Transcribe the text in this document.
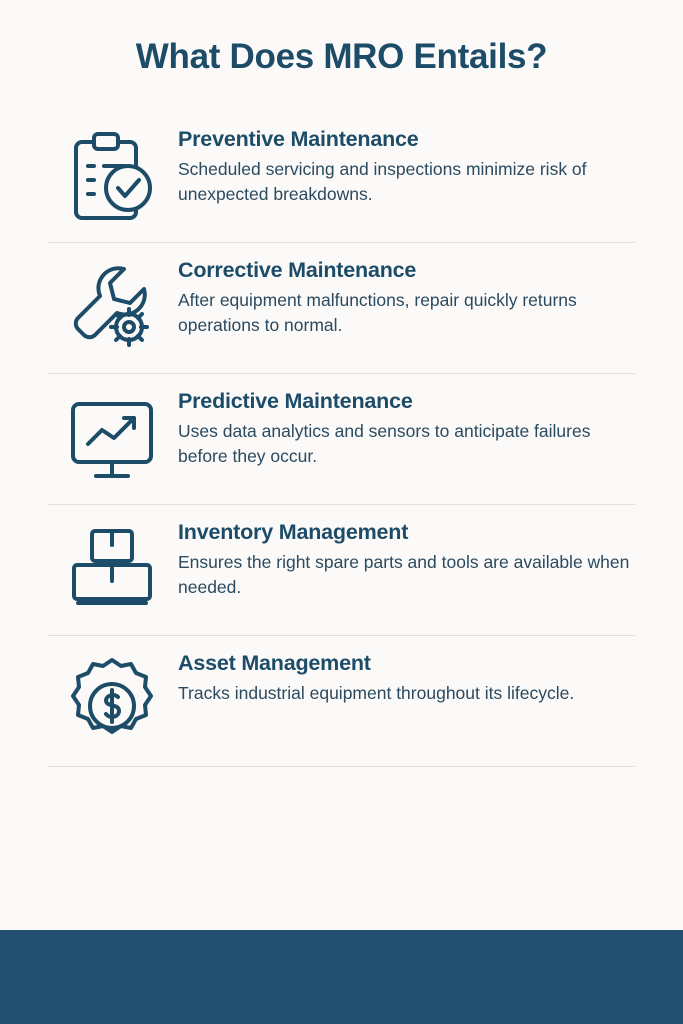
What Does MRO Entails?

Preventive Maintenance

Scheduled servicing and inspections minimize risk of unexpected breakdowns.

Corrective Maintenance

After equipment malfunctions, repair quickly returns operations to normal.

Predictive Maintenance

Uses data analytics and sensors to anticipate failures before they occur.

Inventory Management

Ensures the right spare parts and tools are available when needed.

Asset Management

Tracks industrial equipment throughout its lifecycle.
